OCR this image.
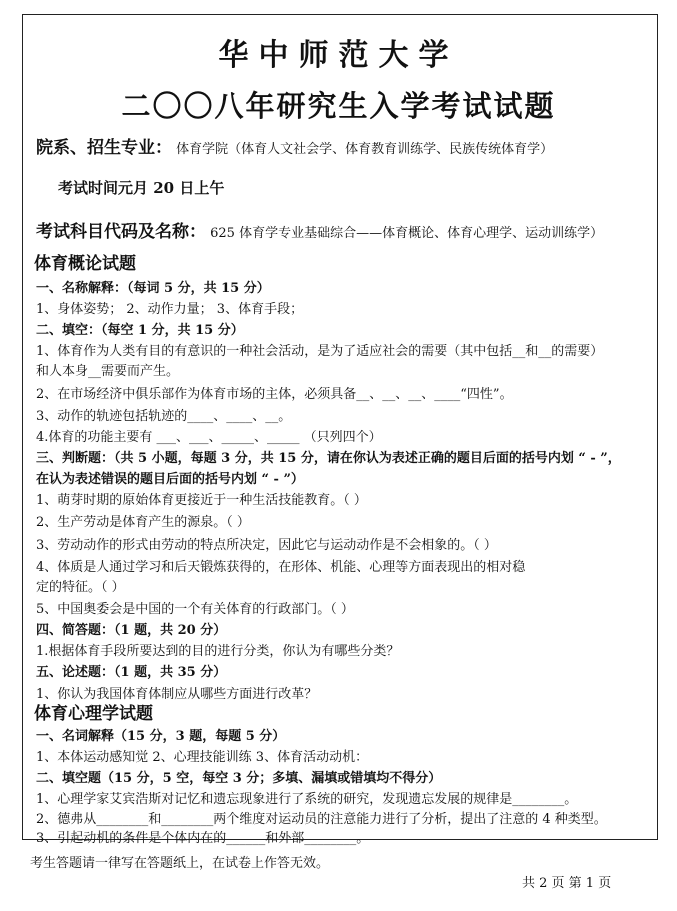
华中师范大学
二〇〇八年研究生入学考试试题
院系、招生专业： 体育学院（体育人文社会学、体育教育训练学、民族传统体育学）
考试时间元月 20 日上午
考试科目代码及名称： 625 体育学专业基础综合——体育概论、体育心理学、运动训练学）
体育概论试题
一、名称解释：（每词 5 分，共 15 分）
1、身体姿势； 2、动作力量； 3、体育手段；
二、填空：（每空 1 分，共 15 分）
1、体育作为人类有目的有意识的一种社会活动，是为了适应社会的需要（其中包括__和__的需要）
和人本身__需要而产生。
2、在市场经济中俱乐部作为体育市场的主体，必须具备__、__、__、____“四性”。
3、动作的轨迹包括轨迹的____、____、__。
4.体育的功能主要有 ___、___、_____、_____ （只列四个）
三、判断题：（共 5 小题，每题 3 分，共 15 分，请在你认为表述正确的题目后面的括号内划 “ - ”，
在认为表述错误的题目后面的括号内划 “ - ”）
1、萌芽时期的原始体育更接近于一种生活技能教育。（ ）
2、生产劳动是体育产生的源泉。（ ）
3、劳动动作的形式由劳动的特点所决定，因此它与运动动作是不会相象的。（ ）
4、体质是人通过学习和后天锻炼获得的，在形体、机能、心理等方面表现出的相对稳
定的特征。（ ）
5、中国奥委会是中国的一个有关体育的行政部门。（ ）
四、简答题：（1 题，共 20 分）
1.根据体育手段所要达到的目的进行分类，你认为有哪些分类？
五、论述题：（1 题，共 35 分）
1、你认为我国体育体制应从哪些方面进行改革？
体育心理学试题
一、名词解释（15 分，3 题，每题 5 分）
1、本体运动感知觉 2、心理技能训练 3、体育活动动机：
二、填空题（15 分，5 空，每空 3 分；多填、漏填或错填均不得分）
1、心理学家艾宾浩斯对记忆和遗忘现象进行了系统的研究，发现遗忘发展的规律是________。
2、德弗从________和________两个维度对运动员的注意能力进行了分析，提出了注意的 4 种类型。
3、引起动机的条件是个体内在的______和外部________。
考生答题请一律写在答题纸上，在试卷上作答无效。
共 2 页 第 1 页
